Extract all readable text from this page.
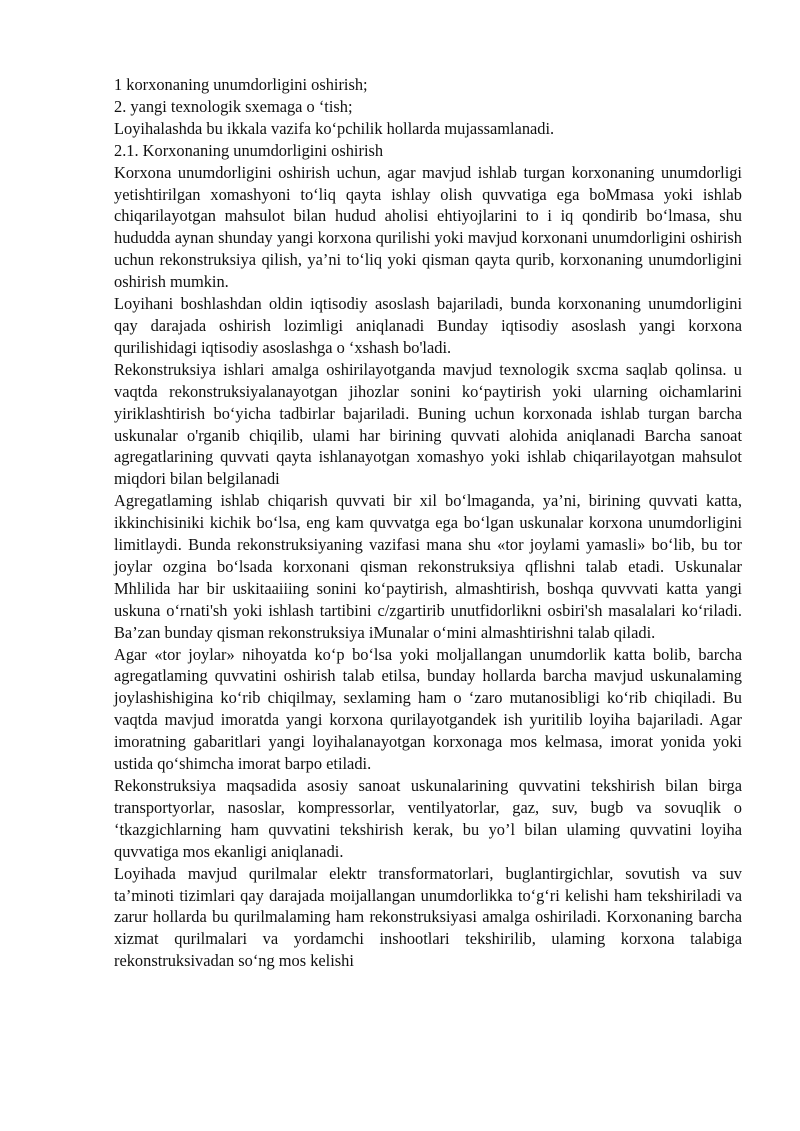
1 korxonaning unumdorligini oshirish;

2. yangi texnologik sxemaga o ‘tish;

Loyihalashda bu ikkala vazifa ko‘pchilik hollarda mujassamlanadi.

2.1. Korxonaning unumdorligini oshirish

Korxona unumdorligini oshirish uchun, agar mavjud ishlab turgan korxonaning unumdorligi yetishtirilgan xomashyoni to‘liq qayta ishlay olish quvvatiga ega boMmasa yoki ishlab chiqarilayotgan mahsulot bilan hudud aholisi ehtiyojlarini to i iq qondirib bo‘lmasa, shu hududda aynan shunday yangi korxona qurilishi yoki mavjud korxonani unumdorligini oshirish uchun rekonstruksiya qilish, ya’ni to‘liq yoki qisman qayta qurib, korxonaning unumdorligini oshirish mumkin.

Loyihani boshlashdan oldin iqtisodiy asoslash bajariladi, bunda korxonaning unumdorligini qay darajada oshirish lozimligi aniqlanadi Bunday iqtisodiy asoslash yangi korxona qurilishidagi iqtisodiy asoslashga o ‘xshash bo'ladi.

Rekonstruksiya ishlari amalga oshirilayotganda mavjud texnologik sxcma saqlab qolinsa. u vaqtda rekonstruksiyalanayotgan jihozlar sonini ko‘paytirish yoki ularning oichamlarini yiriklashtirish bo‘yicha tadbirlar bajariladi. Buning uchun korxonada ishlab turgan barcha uskunalar o'rganib chiqilib, ulami har birining quvvati alohida aniqlanadi Barcha sanoat agregatlarining quvvati qayta ishlanayotgan xomashyo yoki ishlab chiqarilayotgan mahsulot miqdori bilan belgilanadi

Agregatlaming ishlab chiqarish quvvati bir xil bo‘lmaganda, ya’ni, birining quvvati katta, ikkinchisiniki kichik bo‘lsa, eng kam quvvatga ega bo‘lgan uskunalar korxona unumdorligini limitlaydi. Bunda rekonstruksiyaning vazifasi mana shu «tor joylami yamasli» bo‘lib, bu tor joylar ozgina bo‘lsada korxonani qisman rekonstruksiya qflishni talab etadi. Uskunalar Mhlilida har bir uskitaaiiing sonini ko‘paytirish, almashtirish, boshqa quvvvati katta yangi uskuna o‘rnati'sh yoki ishlash tartibini c/zgartirib unutfidorlikni osbiri'sh masalalari ko‘riladi. Ba’zan bunday qisman rekonstruksiya iMunalar o‘mini almashtirishni talab qiladi.

Agar «tor joylar» nihoyatda ko‘p bo‘lsa yoki moljallangan unumdorlik katta bolib, barcha agregatlaming quvvatini oshirish talab etilsa, bunday hollarda barcha mavjud uskunalaming joylashishigina ko‘rib chiqilmay, sexlaming ham o ‘zaro mutanosibligi ko‘rib chiqiladi. Bu vaqtda mavjud imoratda yangi korxona qurilayotgandek ish yuritilib loyiha bajariladi. Agar imoratning gabaritlari yangi loyihalanayotgan korxonaga mos kelmasa, imorat yonida yoki ustida qo‘shimcha imorat barpo etiladi.

Rekonstruksiya maqsadida asosiy sanoat uskunalarining quvvatini tekshirish bilan birga transportyorlar, nasoslar, kompressorlar, ventilyatorlar, gaz, suv, bugb va sovuqlik o ‘tkazgichlarning ham quvvatini tekshirish kerak, bu yo’l bilan ulaming quvvatini loyiha quvvatiga mos ekanligi aniqlanadi.

Loyihada mavjud qurilmalar elektr transformatorlari, buglantirgichlar, sovutish va suv ta’minoti tizimlari qay darajada moijallangan unumdorlikka to‘g‘ri kelishi ham tekshiriladi va zarur hollarda bu qurilmalaming ham rekonstruksiyasi amalga oshiriladi. Korxonaning barcha xizmat qurilmalari va yordamchi inshootlari tekshirilib, ulaming korxona talabiga rekonstruksivadan so‘ng mos kelishi
